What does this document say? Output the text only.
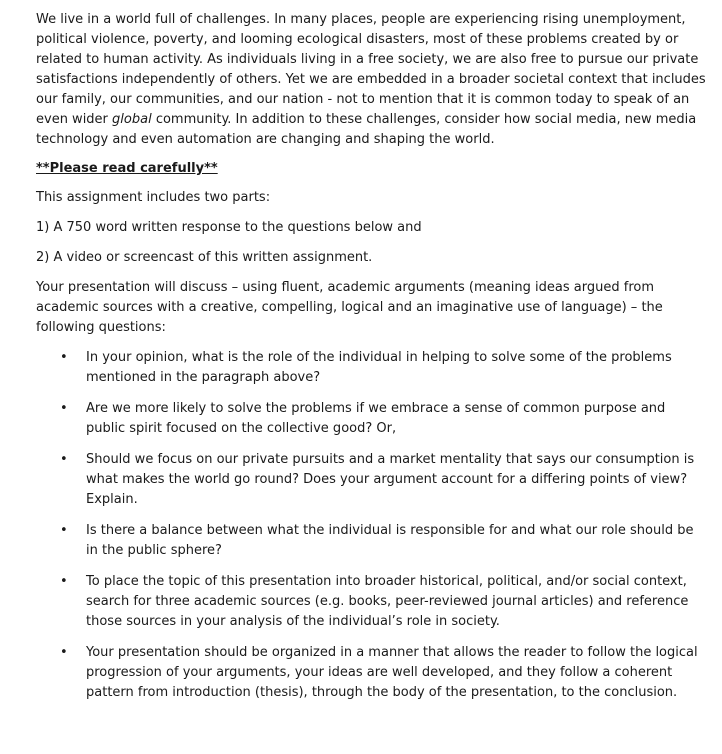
We live in a world full of challenges. In many places, people are experiencing rising unemployment, political violence, poverty, and looming ecological disasters, most of these problems created by or related to human activity. As individuals living in a free society, we are also free to pursue our private satisfactions independently of others. Yet we are embedded in a broader societal context that includes our family, our communities, and our nation - not to mention that it is common today to speak of an even wider global community. In addition to these challenges, consider how social media, new media technology and even automation are changing and shaping the world.

**Please read carefully**

This assignment includes two parts:

1) A 750 word written response to the questions below and

2) A video or screencast of this written assignment.

Your presentation will discuss – using fluent, academic arguments (meaning ideas argued from academic sources with a creative, compelling, logical and an imaginative use of language) – the following questions:

• In your opinion, what is the role of the individual in helping to solve some of the problems mentioned in the paragraph above?
• Are we more likely to solve the problems if we embrace a sense of common purpose and public spirit focused on the collective good? Or,
• Should we focus on our private pursuits and a market mentality that says our consumption is what makes the world go round? Does your argument account for a differing points of view? Explain.
• Is there a balance between what the individual is responsible for and what our role should be in the public sphere?
• To place the topic of this presentation into broader historical, political, and/or social context, search for three academic sources (e.g. books, peer-reviewed journal articles) and reference those sources in your analysis of the individual’s role in society.
• Your presentation should be organized in a manner that allows the reader to follow the logical progression of your arguments, your ideas are well developed, and they follow a coherent pattern from introduction (thesis), through the body of the presentation, to the conclusion.
